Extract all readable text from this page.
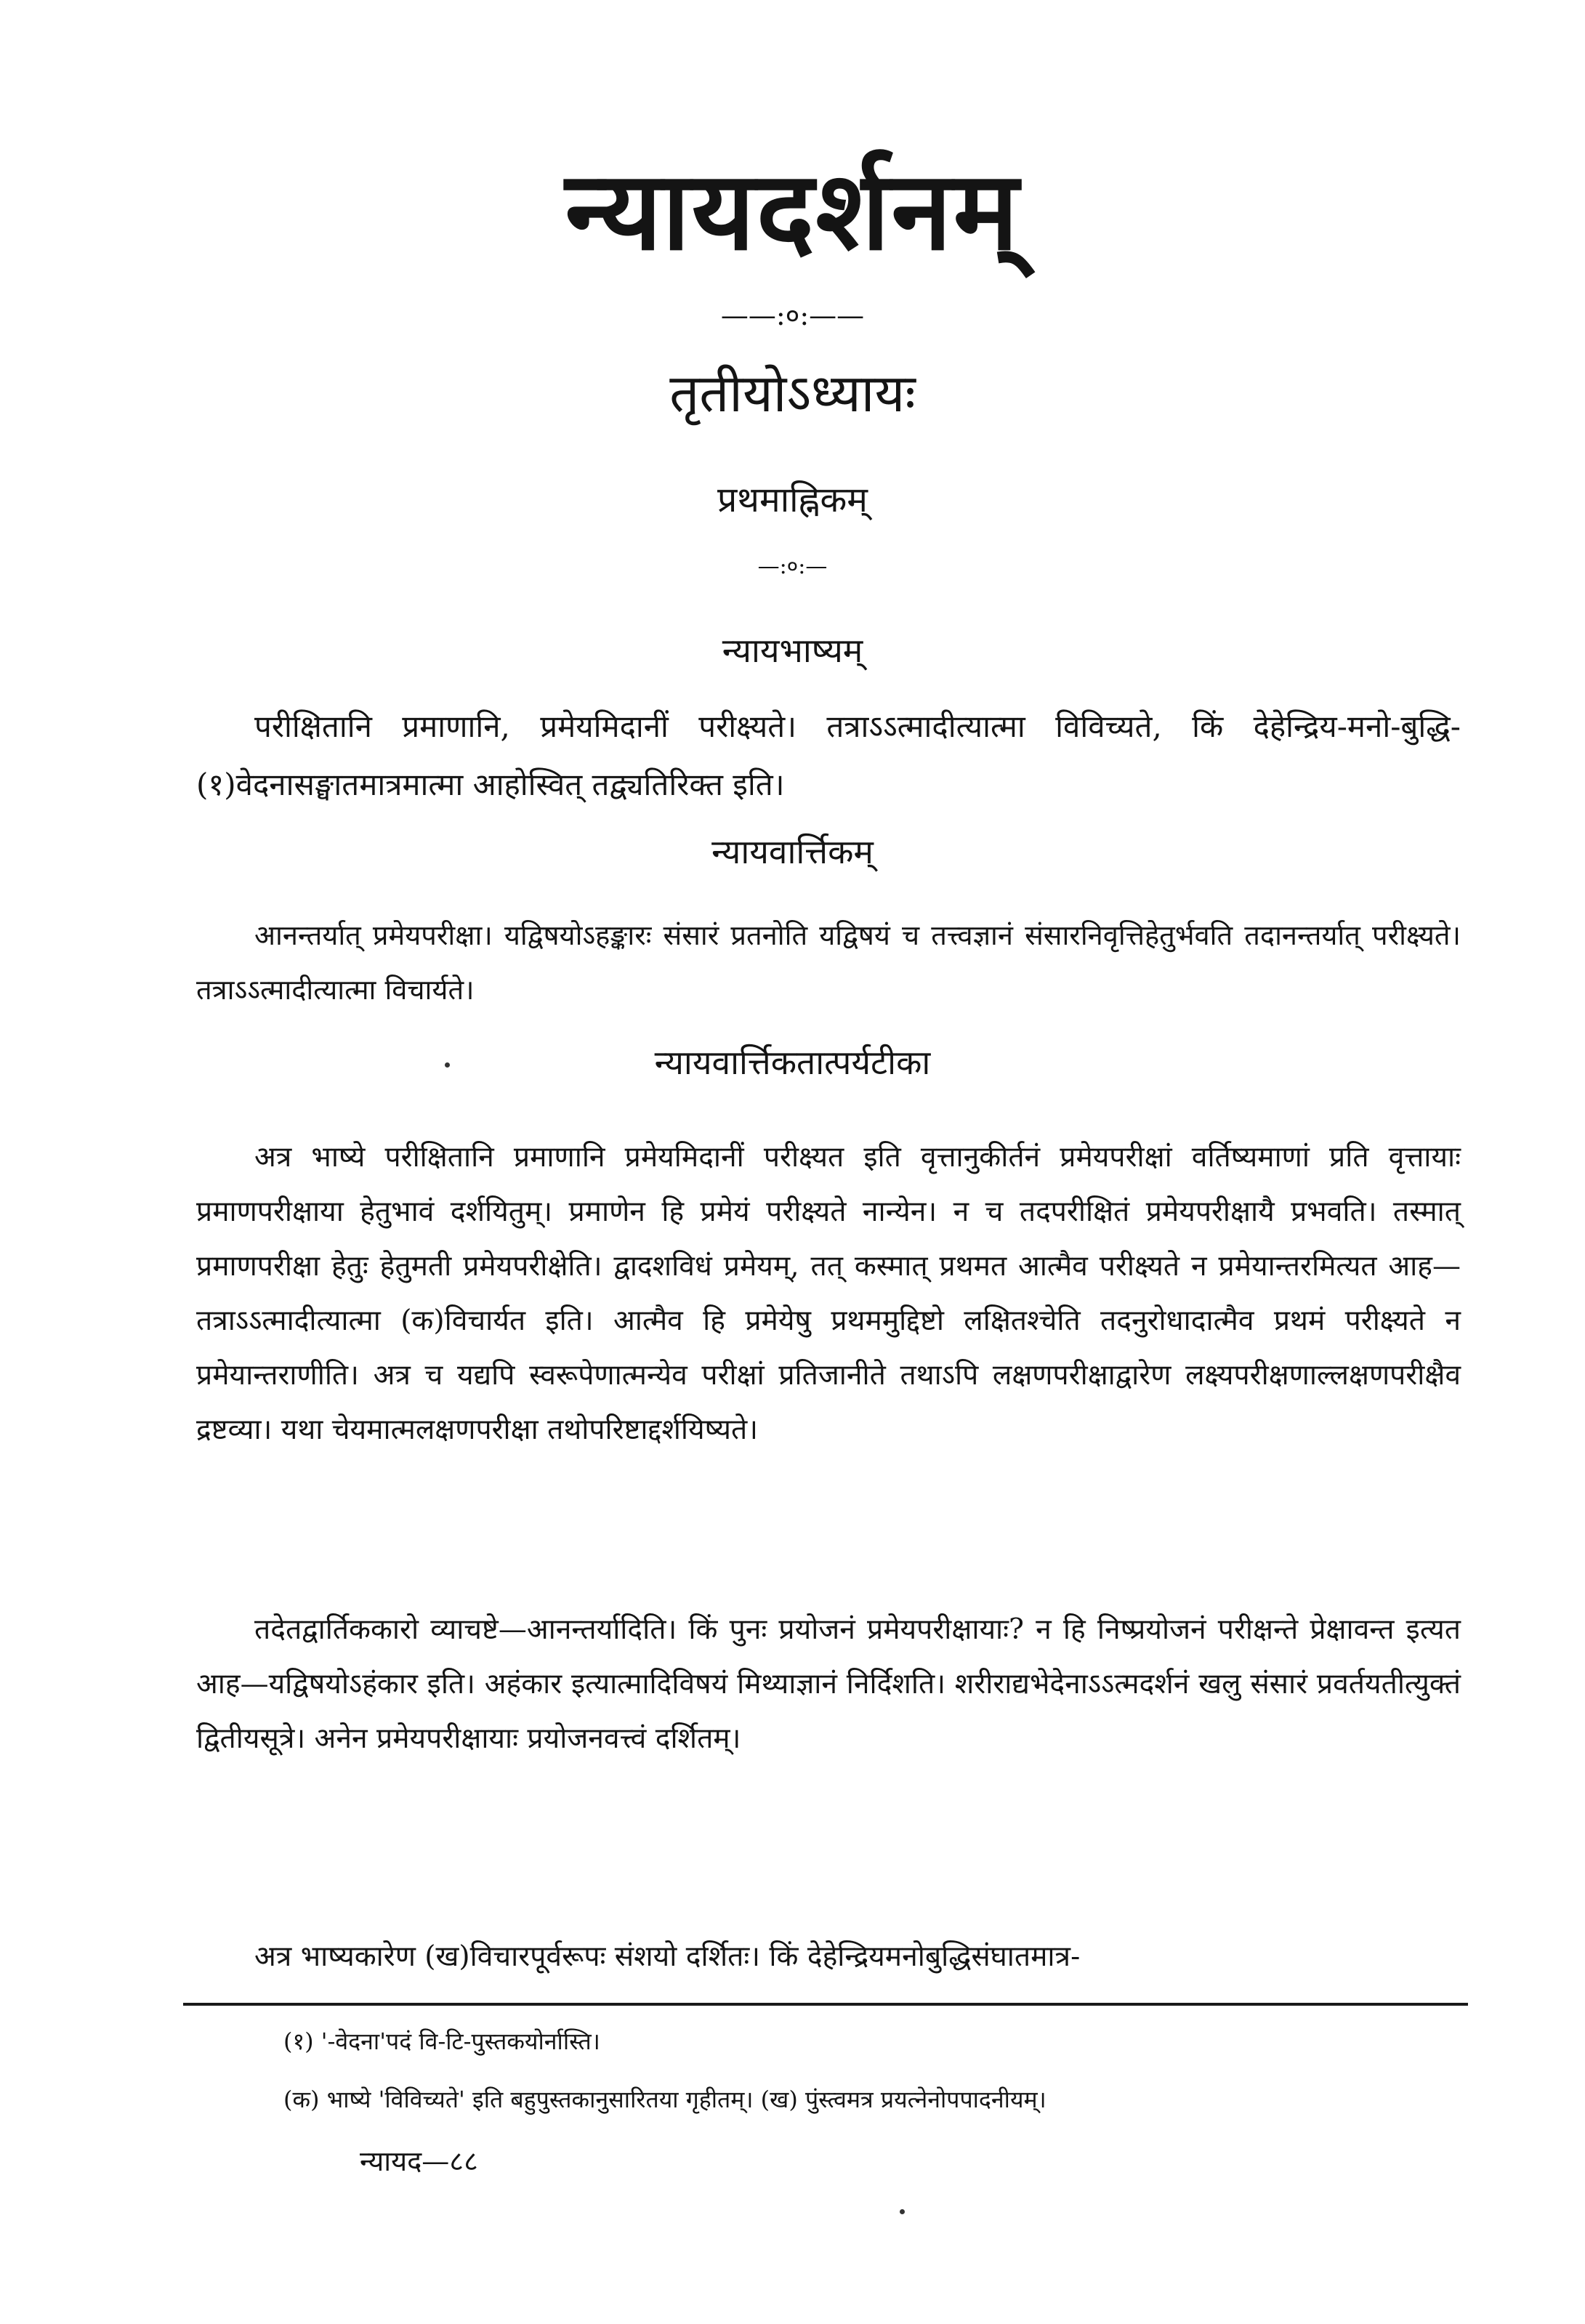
न्यायदर्शनम्
——:०:——
तृतीयोऽध्यायः
प्रथमाह्निकम्
—:०:—
न्यायभाष्यम्

परीक्षितानि प्रमाणानि, प्रमेयमिदानीं परीक्ष्यते। तत्राऽऽत्मादीत्यात्मा विविच्यते, किं देहेन्द्रिय-मनो-बुद्धि-(१)वेदनासङ्घातमात्रमात्मा आहोस्वित् तद्व्यतिरिक्त इति।

न्यायवार्त्तिकम्

आनन्तर्यात् प्रमेयपरीक्षा। यद्विषयोऽहङ्कारः संसारं प्रतनोति यद्विषयं च तत्त्वज्ञानं संसारनिवृत्तिहेतुर्भवति तदानन्तर्यात् परीक्ष्यते। तत्राऽऽत्मादीत्यात्मा विचार्यते।

न्यायवार्त्तिकतात्पर्यटीका

अत्र भाष्ये परीक्षितानि प्रमाणानि प्रमेयमिदानीं परीक्ष्यत इति वृत्तानुकीर्तनं प्रमेयपरीक्षां वर्तिष्यमाणां प्रति वृत्तायाः प्रमाणपरीक्षाया हेतुभावं दर्शयितुम्। प्रमाणेन हि प्रमेयं परीक्ष्यते नान्येन। न च तदपरीक्षितं प्रमेयपरीक्षायै प्रभवति। तस्मात् प्रमाणपरीक्षा हेतुः हेतुमती प्रमेयपरीक्षेति। द्वादशविधं प्रमेयम्, तत् कस्मात् प्रथमत आत्मैव परीक्ष्यते न प्रमेयान्तरमित्यत आह—तत्राऽऽत्मादीत्यात्मा (क)विचार्यत इति। आत्मैव हि प्रमेयेषु प्रथममुद्दिष्टो लक्षितश्चेति तदनुरोधादात्मैव प्रथमं परीक्ष्यते न प्रमेयान्तराणीति। अत्र च यद्यपि स्वरूपेणात्मन्येव परीक्षां प्रतिजानीते तथाऽपि लक्षणपरीक्षाद्वारेण लक्ष्यपरीक्षणाल्लक्षणपरीक्षैव द्रष्टव्या। यथा चेयमात्मलक्षणपरीक्षा तथोपरिष्टाद्दर्शयिष्यते।

तदेतद्वार्तिककारो व्याचष्टे—आनन्तर्यादिति। किं पुनः प्रयोजनं प्रमेयपरीक्षायाः? न हि निष्प्रयोजनं परीक्षन्ते प्रेक्षावन्त इत्यत आह—यद्विषयोऽहंकार इति। अहंकार इत्यात्मादिविषयं मिथ्याज्ञानं निर्दिशति। शरीराद्यभेदेनाऽऽत्मदर्शनं खलु संसारं प्रवर्तयतीत्युक्तं द्वितीयसूत्रे। अनेन प्रमेयपरीक्षायाः प्रयोजनवत्त्वं दर्शितम्।

अत्र भाष्यकारेण (ख)विचारपूर्वरूपः संशयो दर्शितः। किं देहेन्द्रियमनोबुद्धिसंघातमात्र-

(१) '-वेदना'पदं वि-टि-पुस्तकयोर्नास्ति।
(क) भाष्ये 'विविच्यते' इति बहुपुस्तकानुसारितया गृहीतम्। (ख) पुंस्त्वमत्र प्रयत्नेनोपपादनीयम्।
न्यायद—८८
